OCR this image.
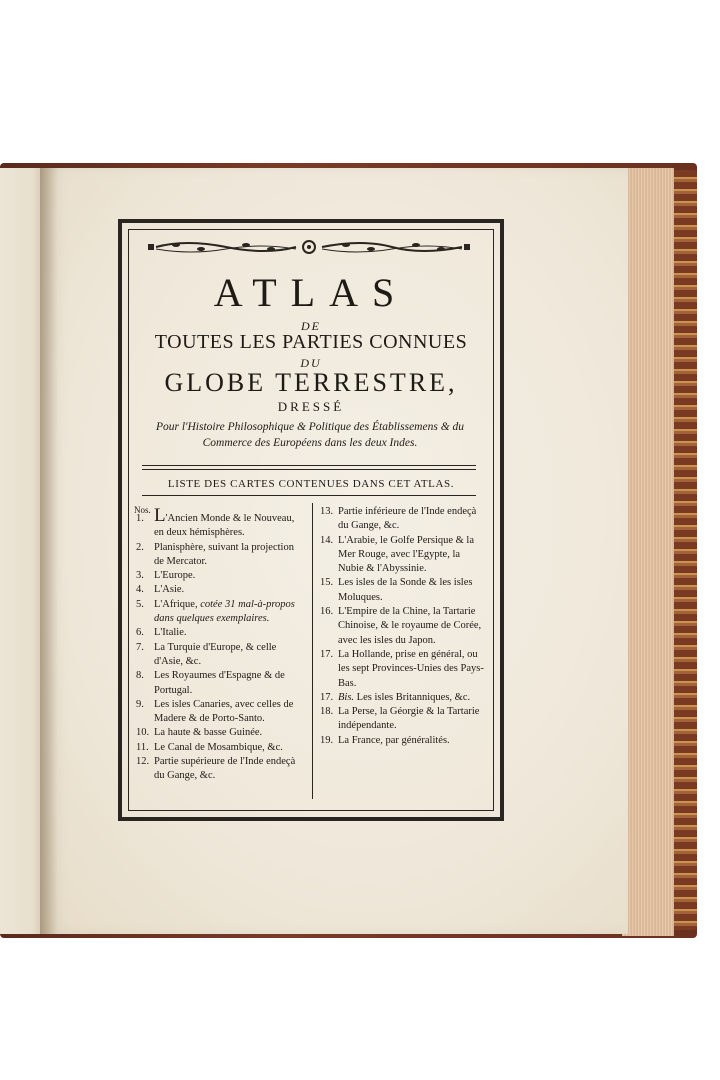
ATLAS
DE
TOUTES LES PARTIES CONNUES
DU
GLOBE TERRESTRE,
DRESSÉ
Pour l'Histoire Philosophique & Politique des Établissemens & du Commerce des Européens dans les deux Indes.
LISTE DES CARTES CONTENUES DANS CET ATLAS.
Nos.
1. L'Ancien Monde & le Nouveau, en deux hémisphères.
2. Planisphère, suivant la projection de Mercator.
3. L'Europe.
4. L'Asie.
5. L'Afrique, cotée 31 mal-à-propos dans quelques exemplaires.
6. L'Italie.
7. La Turquie d'Europe, & celle d'Asie, &c.
8. Les Royaumes d'Espagne & de Portugal.
9. Les isles Canaries, avec celles de Madere & de Porto-Santo.
10. La haute & basse Guinée.
11. Le Canal de Mosambique, &c.
12. Partie supérieure de l'Inde endeçà du Gange, &c.
13. Partie inférieure de l'Inde endeçà du Gange, &c.
14. L'Arabie, le Golfe Persique & la Mer Rouge, avec l'Egypte, la Nubie & l'Abyssinie.
15. Les isles de la Sonde & les isles Moluques.
16. L'Empire de la Chine, la Tartarie Chinoise, & le royaume de Corée, avec les isles du Japon.
17. La Hollande, prise en général, ou les sept Provinces-Unies des Pays-Bas.
17. Bis. Les isles Britanniques, &c.
18. La Perse, la Géorgie & la Tartarie indépendante.
19. La France, par généralités.
